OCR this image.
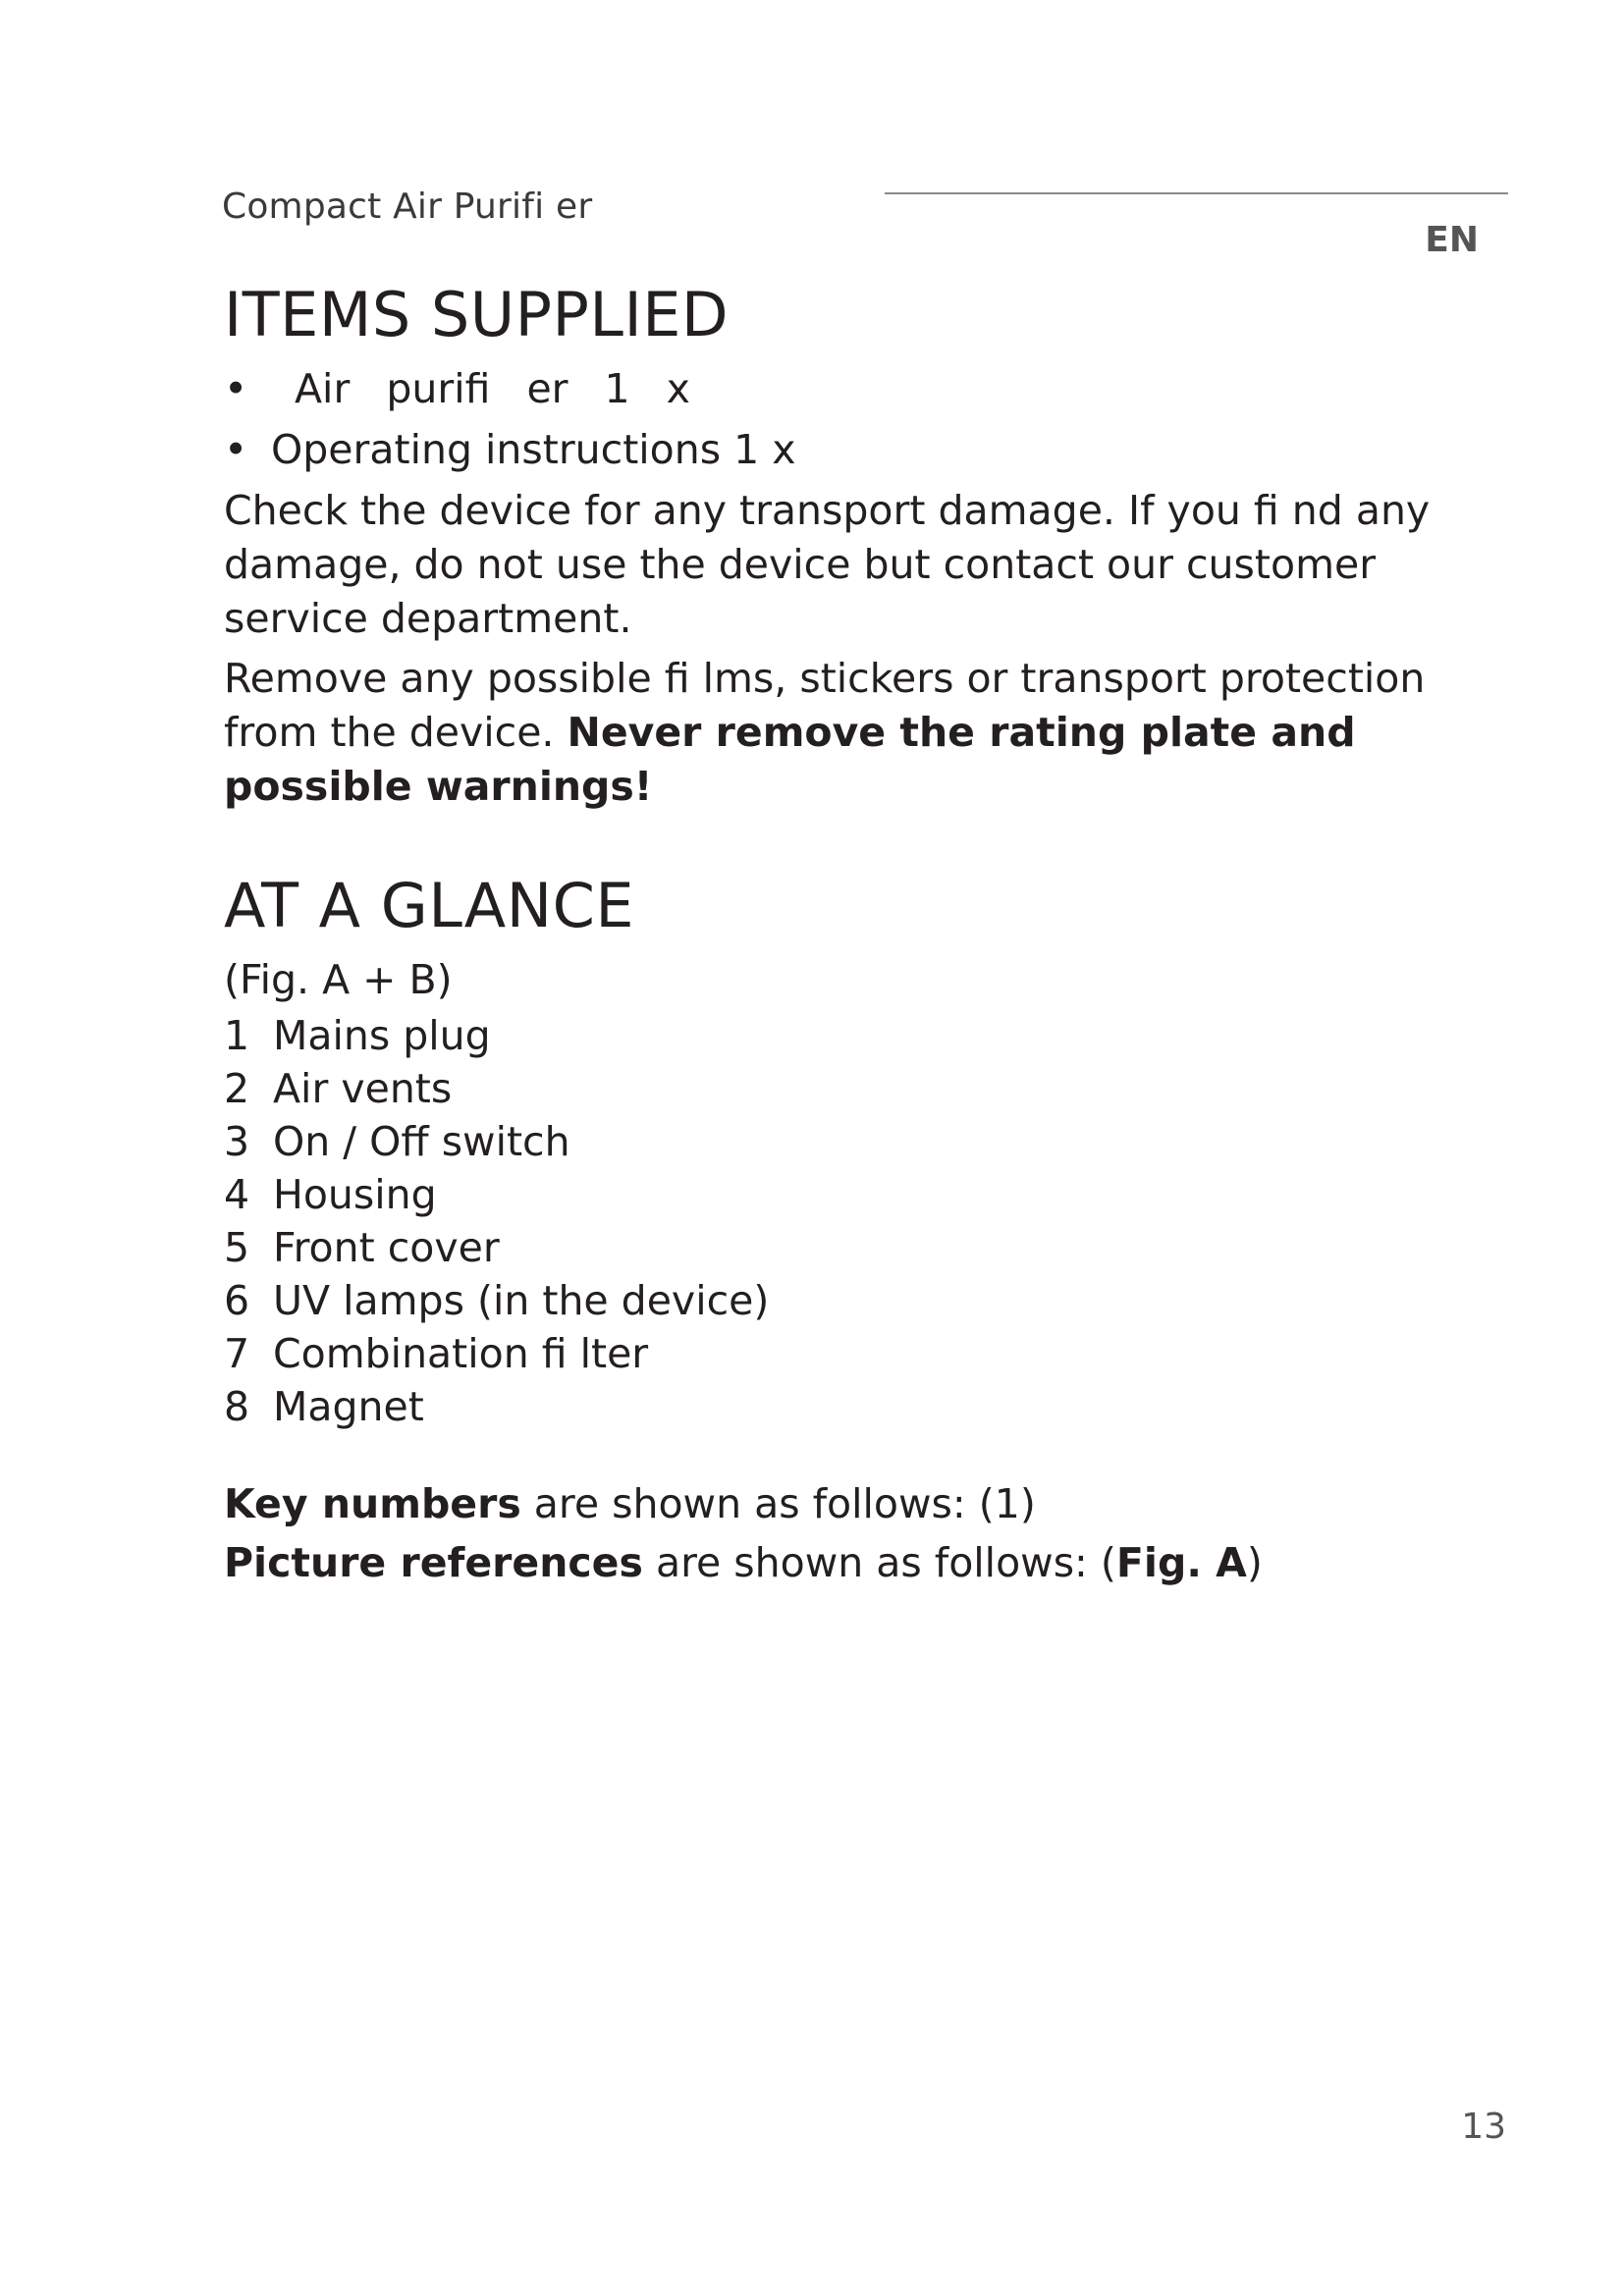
Compact Air Purifi er
EN
ITEMS SUPPLIED
• Air purifi er 1 x
• Operating instructions 1 x

Check the device for any transport damage. If you fi nd any damage, do not use the device but contact our customer service department.

Remove any possible fi lms, stickers or transport protection from the device. Never remove the rating plate and possible warnings!

AT A GLANCE
(Fig. A + B)
1 Mains plug
2 Air vents
3 On / Off switch
4 Housing
5 Front cover
6 UV lamps (in the device)
7 Combination fi lter
8 Magnet
Key numbers are shown as follows: (1)
Picture references are shown as follows: (Fig. A)
13
